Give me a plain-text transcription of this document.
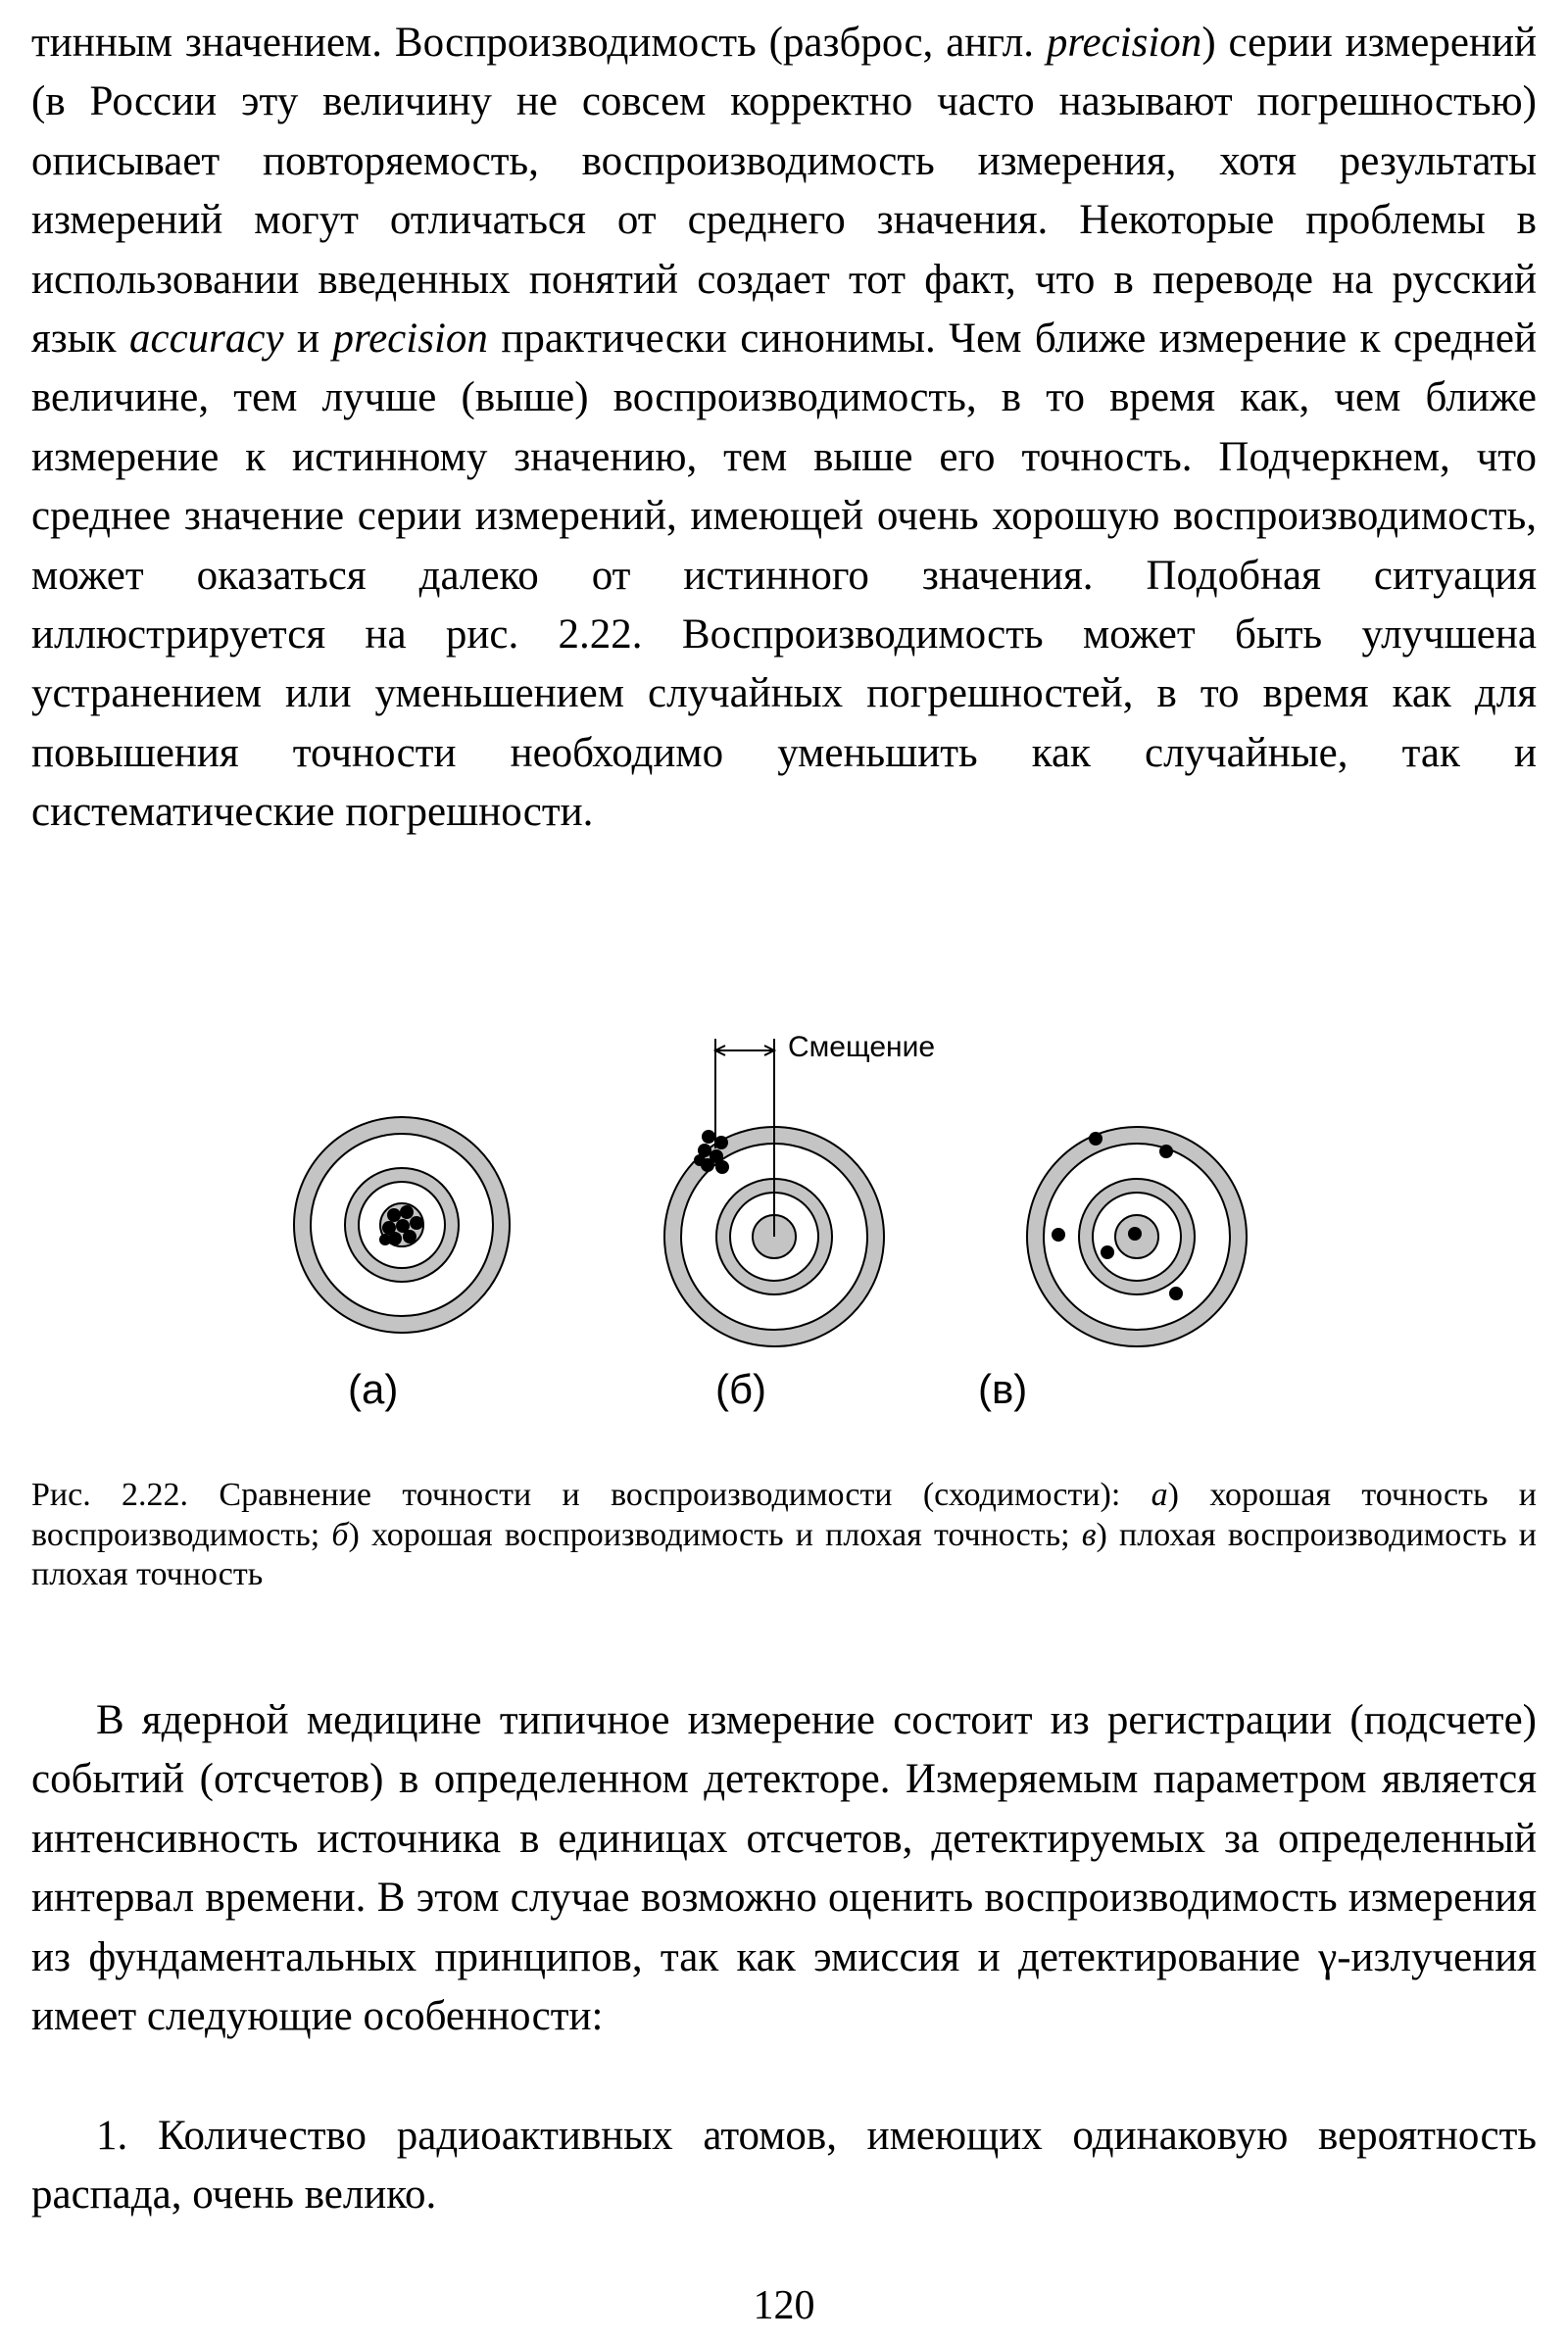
тинным значением. Воспроизводимость (разброс, англ. precision) серии измерений (в России эту величину не совсем корректно часто называют погрешностью) описывает повторяемость, воспроизводимость измерения, хотя результаты измерений могут отличаться от среднего значения. Некоторые проблемы в использовании введенных понятий создает тот факт, что в переводе на русский язык accuracy и precision практически синонимы. Чем ближе измерение к средней величине, тем лучше (выше) воспроизводимость, в то время как, чем ближе измерение к истинному значению, тем выше его точность. Подчеркнем, что среднее значение серии измерений, имеющей очень хорошую воспроизводимость, может оказаться далеко от истинного значения. Подобная ситуация иллюстрируется на рис. 2.22. Воспроизводимость может быть улучшена устранением или уменьшением случайных погрешностей, в то время как для повышения точности необходимо уменьшить как случайные, так и систематические погрешности.

Смещение
(а)	(б)	(в)

Рис. 2.22. Сравнение точности и воспроизводимости (сходимости): а) хорошая точность и воспроизводимость; б) хорошая воспроизводимость и плохая точность; в) плохая воспроизводимость и плохая точность

В ядерной медицине типичное измерение состоит из регистрации (подсчете) событий (отсчетов) в определенном детекторе. Измеряемым параметром является интенсивность источника в единицах отсчетов, детектируемых за определенный интервал времени. В этом случае возможно оценить воспроизводимость измерения из фундаментальных принципов, так как эмиссия и детектирование γ-излучения имеет следующие особенности:

1. Количество радиоактивных атомов, имеющих одинаковую вероятность распада, очень велико.

120
